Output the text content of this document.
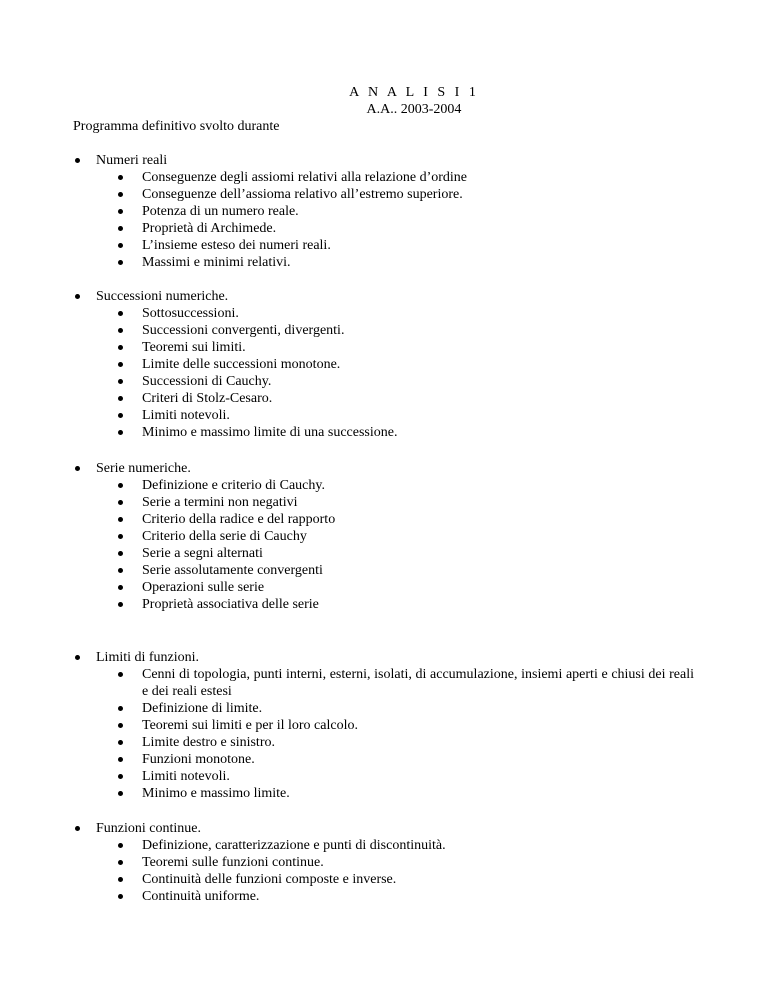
A N A L I S I 1
A.A.. 2003-2004
Programma definitivo svolto durante
Numeri reali
Conseguenze degli assiomi relativi alla relazione d’ordine
Conseguenze dell’assioma relativo all’estremo superiore.
Potenza di un numero reale.
Proprietà di Archimede.
L’insieme esteso dei numeri reali.
Massimi e minimi relativi.
Successioni numeriche.
Sottosuccessioni.
Successioni convergenti, divergenti.
Teoremi sui limiti.
Limite delle successioni monotone.
Successioni di Cauchy.
Criteri di Stolz-Cesaro.
Limiti notevoli.
Minimo e massimo limite di una successione.
Serie numeriche.
Definizione e criterio di Cauchy.
Serie a termini non negativi
Criterio della radice e del rapporto
Criterio della serie di Cauchy
Serie a segni alternati
Serie assolutamente convergenti
Operazioni sulle serie
Proprietà associativa delle serie
Limiti di funzioni.
Cenni di topologia, punti interni, esterni, isolati, di accumulazione, insiemi aperti e chiusi dei reali e dei reali estesi
Definizione di limite.
Teoremi sui limiti e per il loro calcolo.
Limite destro e sinistro.
Funzioni monotone.
Limiti notevoli.
Minimo e massimo limite.
Funzioni continue.
Definizione, caratterizzazione e punti di discontinuità.
Teoremi sulle funzioni continue.
Continuità delle funzioni composte e inverse.
Continuità uniforme.
